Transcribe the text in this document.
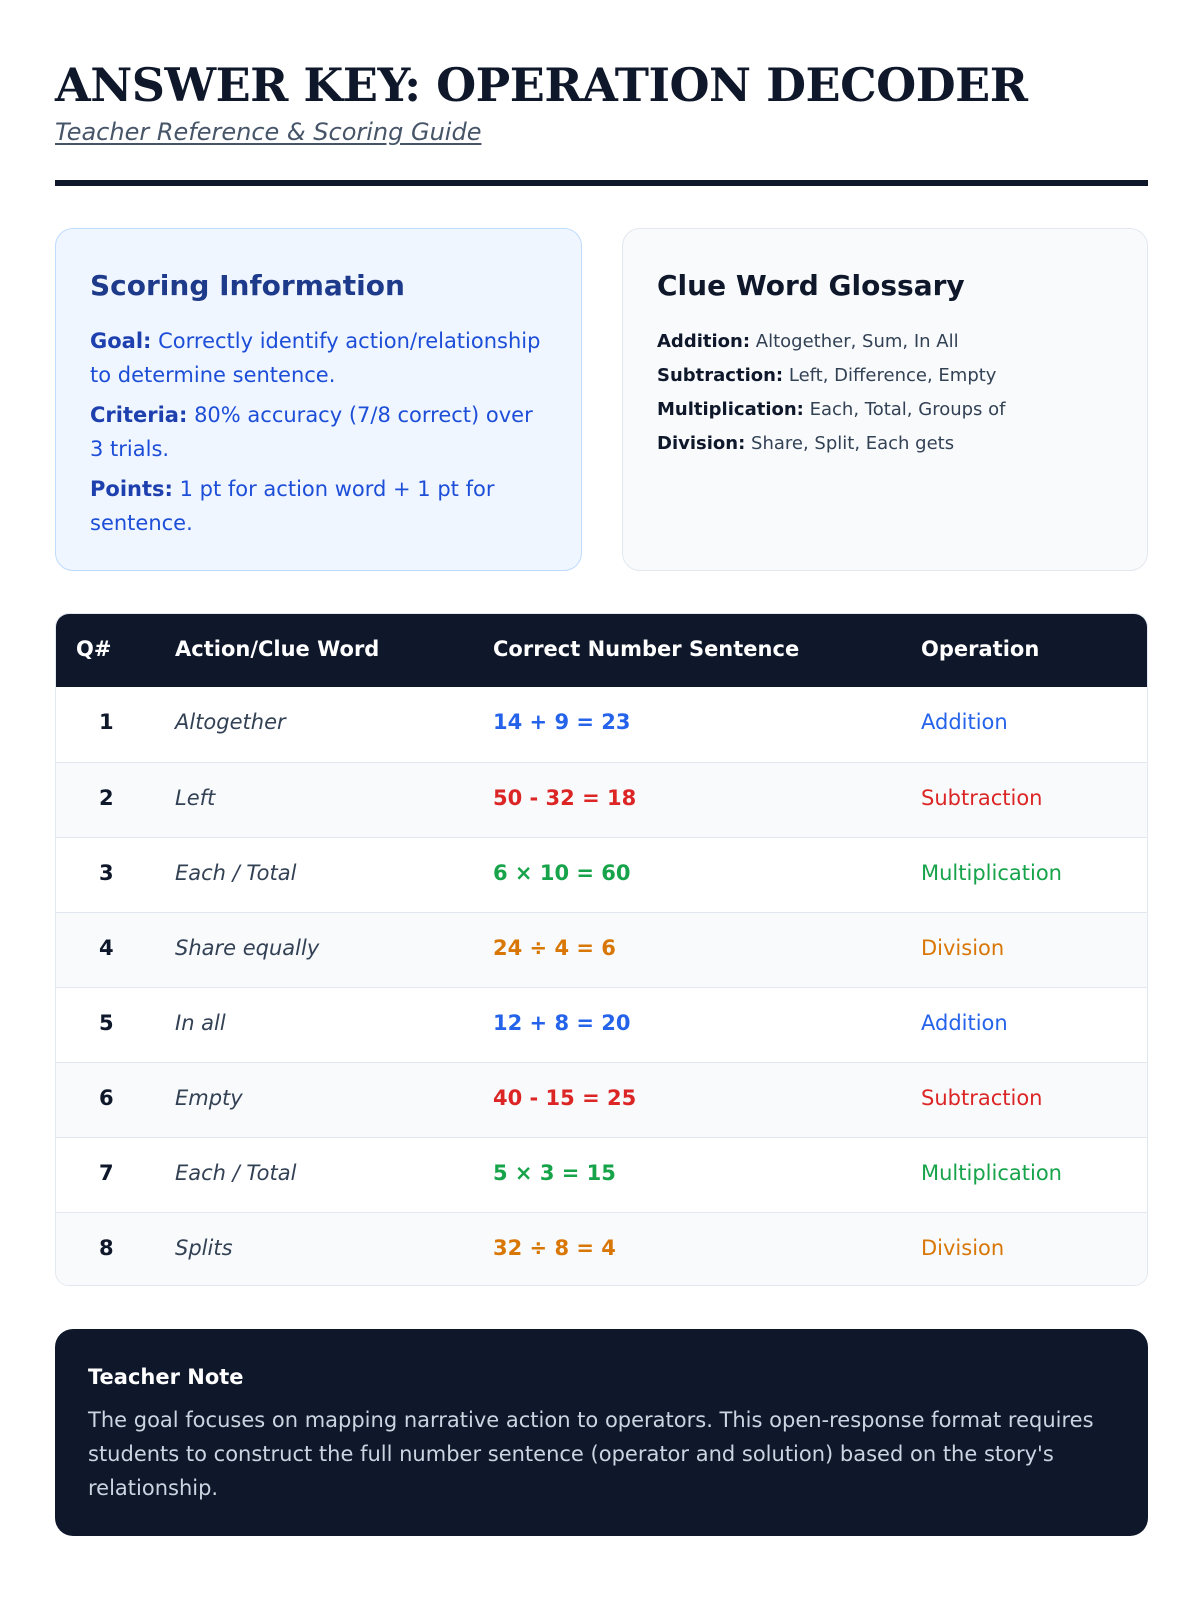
ANSWER KEY: OPERATION DECODER
Teacher Reference & Scoring Guide
Scoring Information

Goal: Correctly identify action/relationship to determine sentence.

Criteria: 80% accuracy (7/8 correct) over 3 trials.

Points: 1 pt for action word + 1 pt for sentence.

Clue Word Glossary

Addition: Altogether, Sum, In All

Subtraction: Left, Difference, Empty

Multiplication: Each, Total, Groups of

Division: Share, Split, Each gets

Q#	Action/Clue Word	Correct Number Sentence	Operation
1	Altogether	14 + 9 = 23	Addition
2	Left	50 - 32 = 18	Subtraction
3	Each / Total	6 × 10 = 60	Multiplication
4	Share equally	24 ÷ 4 = 6	Division
5	In all	12 + 8 = 20	Addition
6	Empty	40 - 15 = 25	Subtraction
7	Each / Total	5 × 3 = 15	Multiplication
8	Splits	32 ÷ 8 = 4	Division
Teacher Note

The goal focuses on mapping narrative action to operators. This open-response format requires students to construct the full number sentence (operator and solution) based on the story's relationship.
